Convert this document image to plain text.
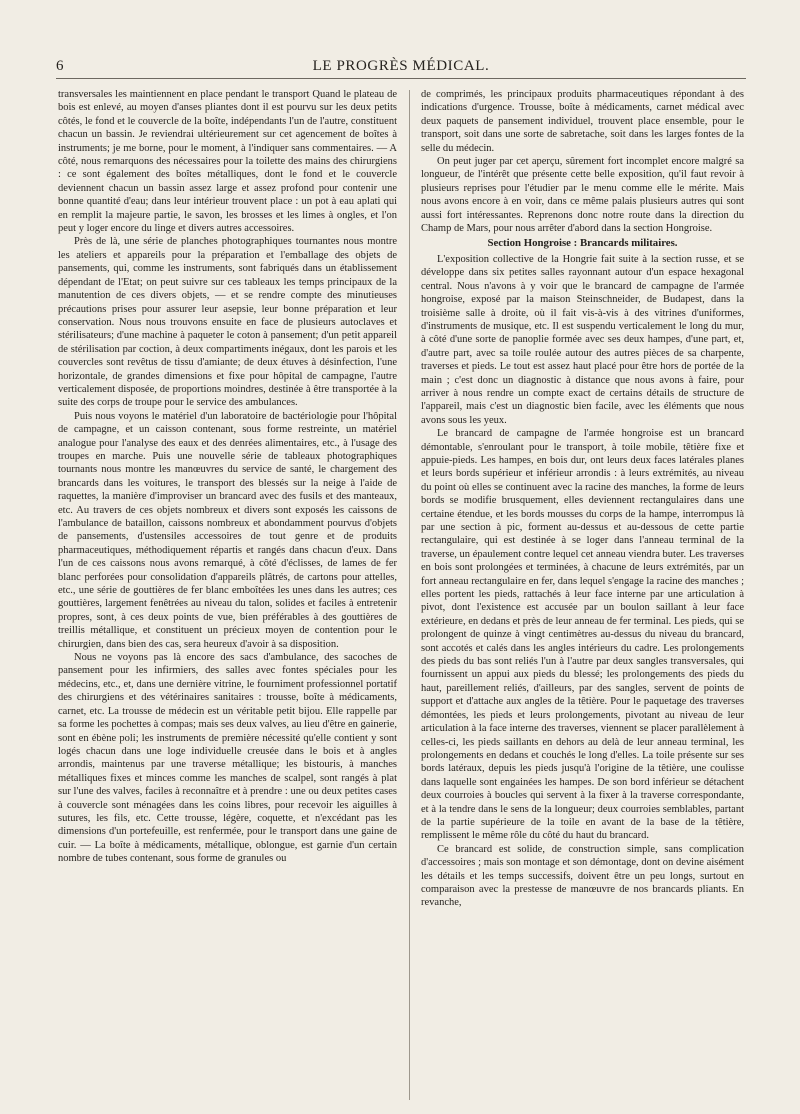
6	LE PROGRÈS MÉDICAL.

transversales les maintiennent en place pendant le transport Quand le plateau de bois est enlevé, au moyen d'anses pliantes dont il est pourvu sur les deux petits côtés, le fond et le couvercle de la boîte, indépendants l'un de l'autre, constituent chacun un bassin. Je reviendrai ultérieurement sur cet agencement de boîtes à instruments; je me borne, pour le moment, à l'indiquer sans commentaires. — A côté, nous remarquons des nécessaires pour la toilette des mains des chirurgiens : ce sont également des boîtes métalliques, dont le fond et le couvercle deviennent chacun un bassin assez large et assez profond pour contenir une bonne quantité d'eau; dans leur intérieur trouvent place : un pot à eau aplati qui en remplit la majeure partie, le savon, les brosses et les limes à ongles, et l'on peut y loger encore du linge et divers autres accessoires.

Près de là, une série de planches photographiques tournantes nous montre les ateliers et appareils pour la préparation et l'emballage des objets de pansements, qui, comme les instruments, sont fabriqués dans un établissement dépendant de l'Etat; on peut suivre sur ces tableaux les temps principaux de la manutention de ces divers objets, — et se rendre compte des minutieuses précautions prises pour assurer leur asepsie, leur bonne préparation et leur conservation. Nous nous trouvons ensuite en face de plusieurs autoclaves et stérilisateurs; d'une machine à paqueter le coton à pansement; d'un petit appareil de stérilisation par coction, à deux compartiments inégaux, dont les parois et les couvercles sont revêtus de tissu d'amiante; de deux étuves à désinfection, l'une horizontale, de grandes dimensions et fixe pour hôpital de campagne, l'autre verticalement disposée, de proportions moindres, destinée à être transportée à la suite des corps de troupe pour le service des ambulances.

Puis nous voyons le matériel d'un laboratoire de bactériologie pour l'hôpital de campagne, et un caisson contenant, sous forme restreinte, un matériel analogue pour l'analyse des eaux et des denrées alimentaires, etc., à l'usage des troupes en marche. Puis une nouvelle série de tableaux photographiques tournants nous montre les manœuvres du service de santé, le chargement des brancards dans les voitures, le transport des blessés sur la neige à l'aide de raquettes, la manière d'improviser un brancard avec des fusils et des manteaux, etc. Au travers de ces objets nombreux et divers sont exposés les caissons de l'ambulance de bataillon, caissons nombreux et abondamment pourvus d'objets de pansements, d'ustensiles accessoires de tout genre et de produits pharmaceutiques, méthodiquement répartis et rangés dans chacun d'eux. Dans l'un de ces caissons nous avons remarqué, à côté d'éclisses, de lames de fer blanc perforées pour consolidation d'appareils plâtrés, de cartons pour attelles, etc., une série de gouttières de fer blanc emboîtées les unes dans les autres; ces gouttières, largement fenêtrées au niveau du talon, solides et faciles à entretenir propres, sont, à ces deux points de vue, bien préférables à des gouttières de treillis métallique, et constituent un précieux moyen de contention pour le chirurgien, dans bien des cas, sera heureux d'avoir à sa disposition.

Nous ne voyons pas là encore des sacs d'ambulance, des sacoches de pansement pour les infirmiers, des salles avec fontes spéciales pour les médecins, etc., et, dans une dernière vitrine, le fourniment professionnel portatif des chirurgiens et des vétérinaires sanitaires : trousse, boîte à médicaments, carnet, etc. La trousse de médecin est un véritable petit bijou. Elle rappelle par sa forme les pochettes à compas; mais ses deux valves, au lieu d'être en gainerie, sont en ébène poli; les instruments de première nécessité qu'elle contient y sont logés chacun dans une loge individuelle creusée dans le bois et à angles arrondis, maintenus par une traverse métallique; les bistouris, à manches métalliques fixes et minces comme les manches de scalpel, sont rangés à plat sur l'une des valves, faciles à reconnaître et à prendre : une ou deux petites cases à couvercle sont ménagées dans les coins libres, pour recevoir les aiguilles à sutures, les fils, etc. Cette trousse, légère, coquette, et n'excédant pas les dimensions d'un portefeuille, est renfermée, pour le transport dans une gaine de cuir. — La boîte à médicaments, métallique, oblongue, est garnie d'un certain nombre de tubes contenant, sous forme de granules ou

de comprimés, les principaux produits pharmaceutiques répondant à des indications d'urgence. Trousse, boîte à médicaments, carnet médical avec deux paquets de pansement individuel, trouvent place ensemble, pour le transport, soit dans une sorte de sabretache, soit dans les larges fontes de la selle du médecin.

On peut juger par cet aperçu, sûrement fort incomplet encore malgré sa longueur, de l'intérêt que présente cette belle exposition, qu'il faut revoir à plusieurs reprises pour l'étudier par le menu comme elle le mérite. Mais nous avons encore à en voir, dans ce même palais plusieurs autres qui sont aussi fort intéressantes. Reprenons donc notre route dans la direction du Champ de Mars, pour nous arrêter d'abord dans la section Hongroise.

Section Hongroise : Brancards militaires.

L'exposition collective de la Hongrie fait suite à la section russe, et se développe dans six petites salles rayonnant autour d'un espace hexagonal central. Nous n'avons à y voir que le brancard de campagne de l'armée hongroise, exposé par la maison Steinschneider, de Budapest, dans la troisième salle à droite, où il fait vis-à-vis à des vitrines d'uniformes, d'instruments de musique, etc. Il est suspendu verticalement le long du mur, à côté d'une sorte de panoplie formée avec ses deux hampes, d'une part, et, d'autre part, avec sa toile roulée autour des autres pièces de sa charpente, traverses et pieds. Le tout est assez haut placé pour être hors de portée de la main ; c'est donc un diagnostic à distance que nous avons à faire, pour arriver à nous rendre un compte exact de certains détails de structure de l'appareil, mais c'est un diagnostic bien facile, avec les éléments que nous avons sous les yeux.

Le brancard de campagne de l'armée hongroise est un brancard démontable, s'enroulant pour le transport, à toile mobile, têtière fixe et appuie-pieds. Les hampes, en bois dur, ont leurs deux faces latérales planes et leurs bords supérieur et inférieur arrondis : à leurs extrémités, au niveau du point où elles se continuent avec la racine des manches, la forme de leurs bords se modifie brusquement, elles deviennent rectangulaires dans une certaine étendue, et les bords mousses du corps de la hampe, interrompus là par une section à pic, forment au-dessus et au-dessous de cette partie rectangulaire, qui est destinée à se loger dans l'anneau terminal de la traverse, un épaulement contre lequel cet anneau viendra buter. Les traverses en bois sont prolongées et terminées, à chacune de leurs extrémités, par un fort anneau rectangulaire en fer, dans lequel s'engage la racine des manches ; elles portent les pieds, rattachés à leur face interne par une articulation à pivot, dont l'existence est accusée par un boulon saillant à leur face extérieure, en dedans et près de leur anneau de fer terminal. Les pieds, qui se prolongent de quinze à vingt centimètres au-dessus du niveau du brancard, sont accotés et calés dans les angles intérieurs du cadre. Les prolongements des pieds du bas sont reliés l'un à l'autre par deux sangles transversales, qui fournissent un appui aux pieds du blessé; les prolongements des pieds du haut, pareillement reliés, d'ailleurs, par des sangles, servent de points de support et d'attache aux angles de la têtière. Pour le paquetage des traverses démontées, les pieds et leurs prolongements, pivotant au niveau de leur articulation à la face interne des traverses, viennent se placer parallèlement à celles-ci, les pieds saillants en dehors au delà de leur anneau terminal, les prolongements en dedans et couchés le long d'elles. La toile présente sur ses bords latéraux, depuis les pieds jusqu'à l'origine de la têtière, une coulisse dans laquelle sont engainées les hampes. De son bord inférieur se détachent deux courroies à boucles qui servent à la fixer à la traverse correspondante, et à la tendre dans le sens de la longueur; deux courroies semblables, partant de la partie supérieure de la toile en avant de la base de la têtière, remplissent le même rôle du côté du haut du brancard.

Ce brancard est solide, de construction simple, sans complication d'accessoires ; mais son montage et son démontage, dont on devine aisément les détails et les temps successifs, doivent être un peu longs, surtout en comparaison avec la prestesse de manœuvre de nos brancards pliants. En revanche,
